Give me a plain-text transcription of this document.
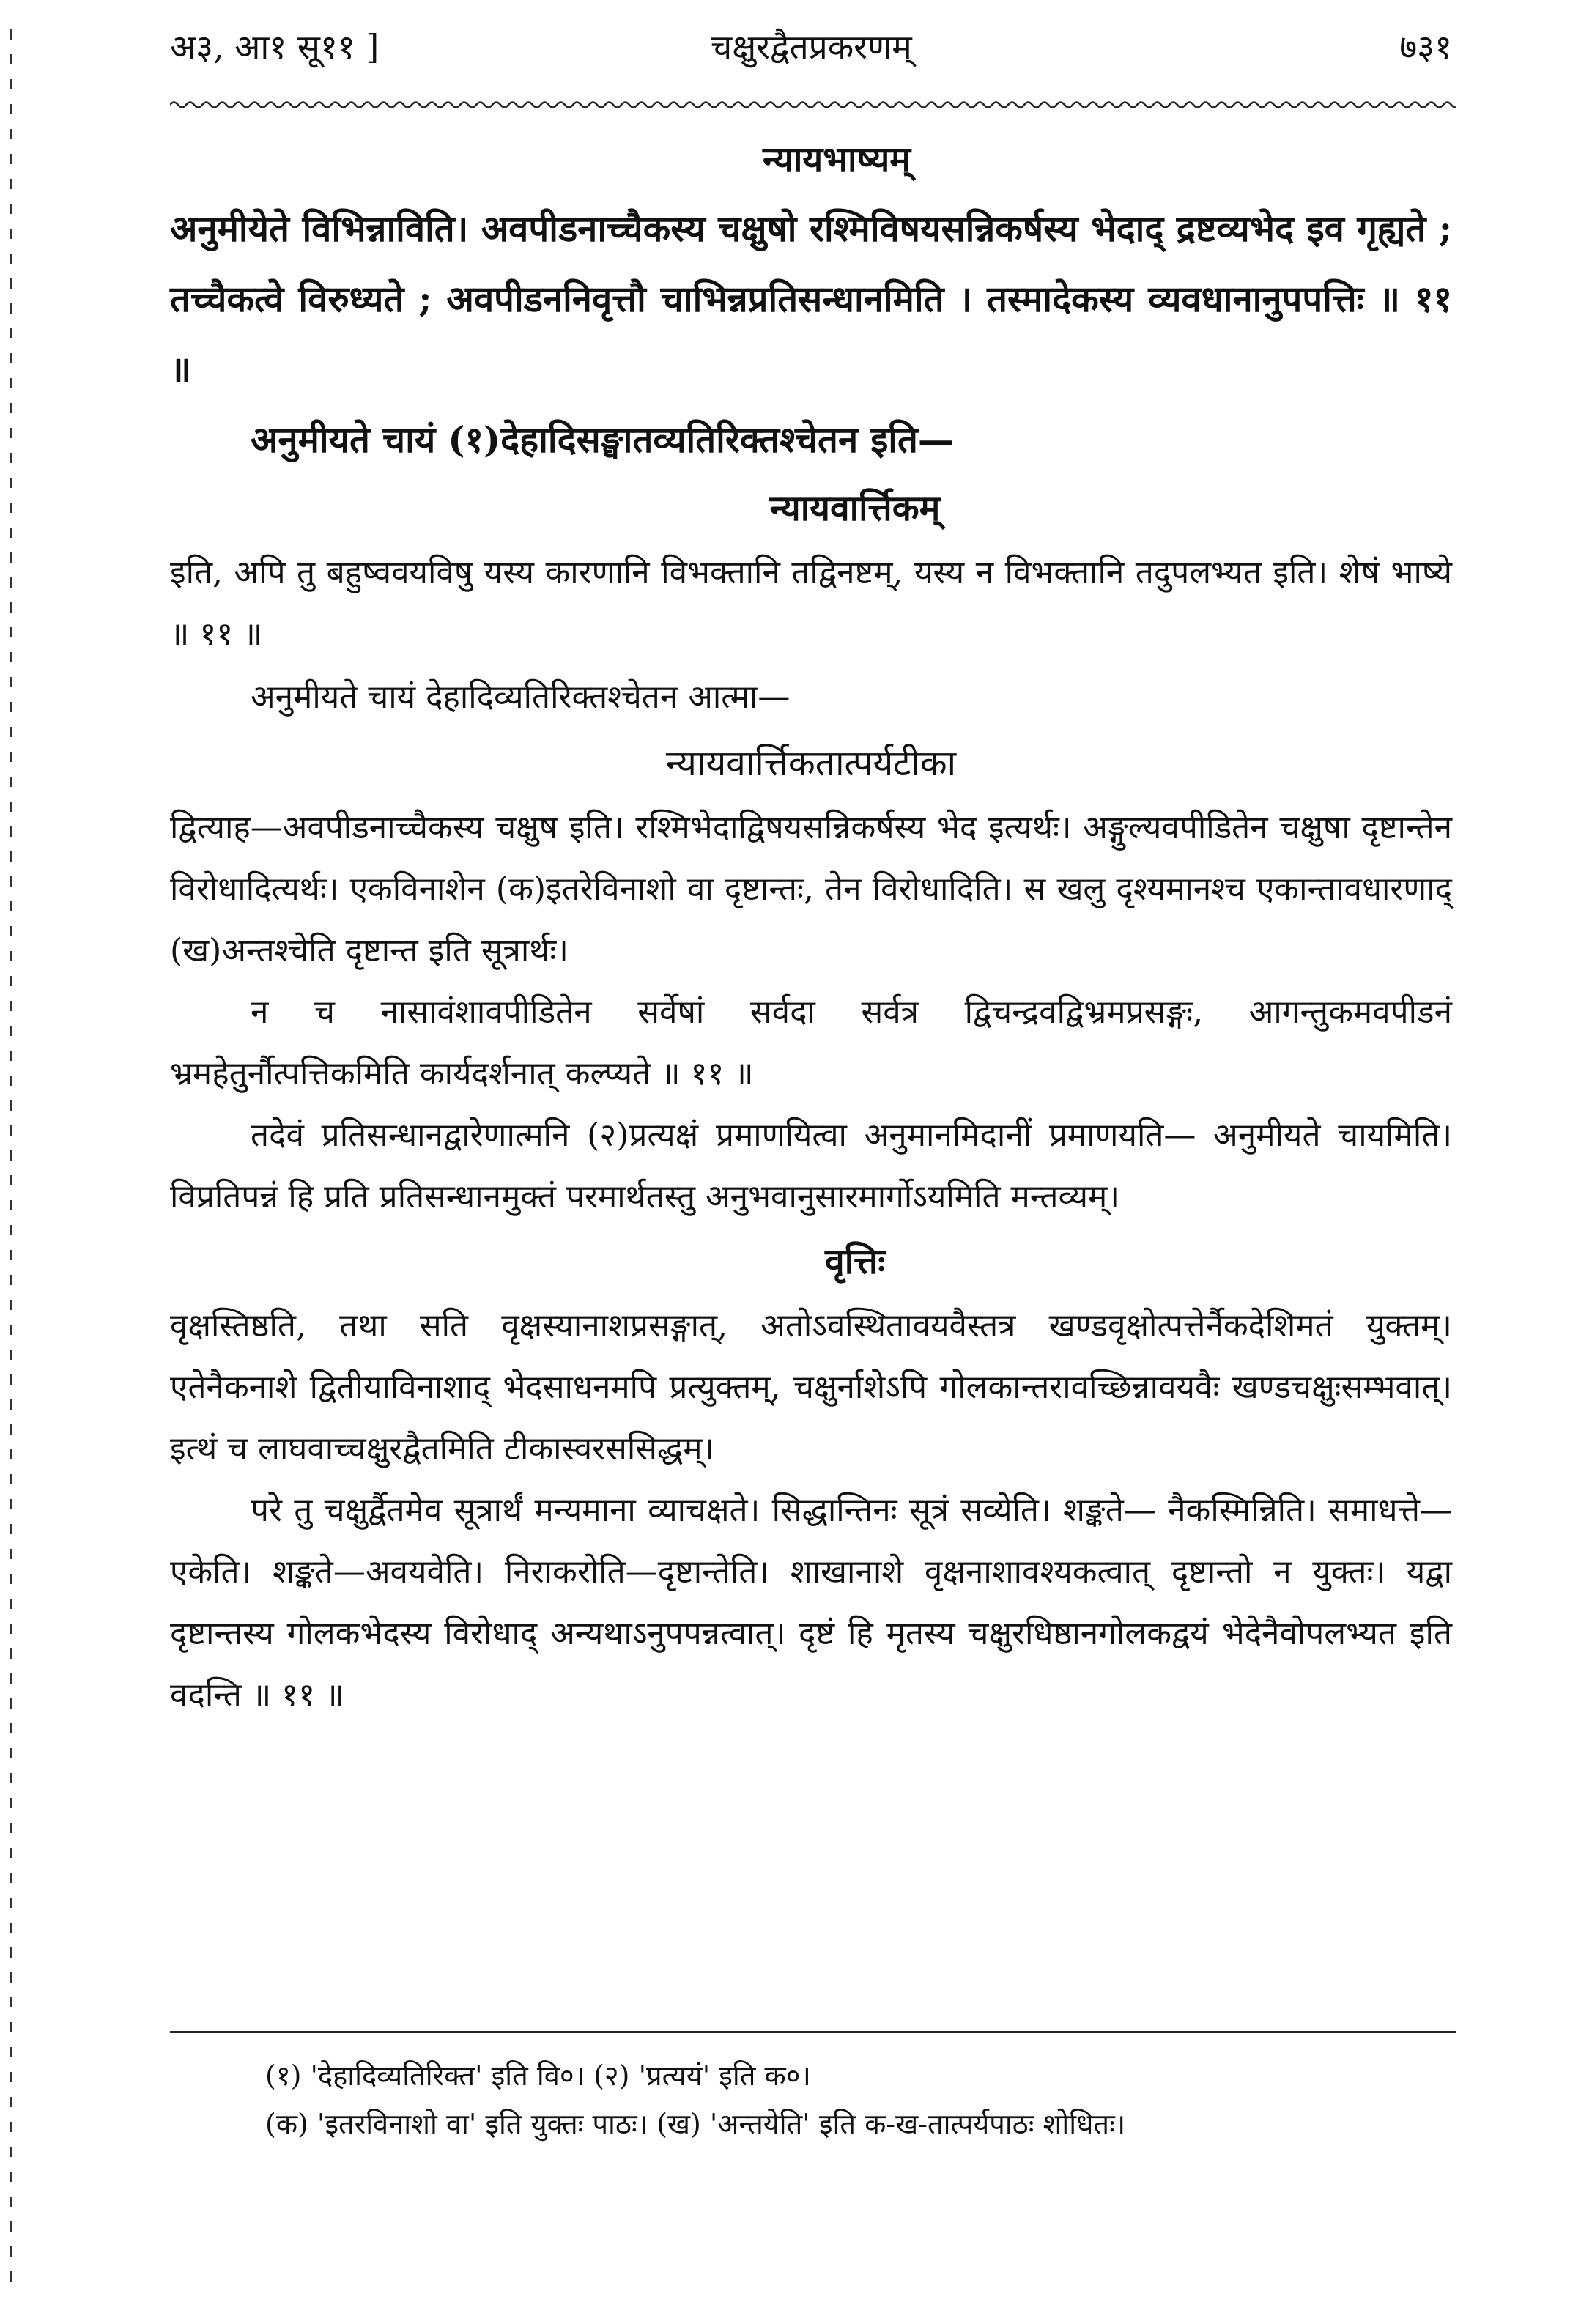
अ३, आ१ सू११ ]	चक्षुरद्वैतप्रकरणम्	७३१
न्यायभाष्यम्

अनुमीयेते विभिन्नाविति। अवपीडनाच्चैकस्य चक्षुषो रश्मिविषयसन्निकर्षस्य भेदाद् द्रष्टव्यभेद इव गृह्यते ; तच्चैकत्वे विरुध्यते ; अवपीडननिवृत्तौ चाभिन्नप्रतिसन्धानमिति । तस्मादेकस्य व्यवधानानुपपत्तिः ॥ ११ ॥

अनुमीयते चायं (१)देहादिसङ्घातव्यतिरिक्तश्चेतन इति—

न्यायवार्त्तिकम्

इति, अपि तु बहुष्ववयविषु यस्य कारणानि विभक्तानि तद्विनष्टम्, यस्य न विभक्तानि तदुपलभ्यत इति। शेषं भाष्ये ॥ ११ ॥

अनुमीयते चायं देहादिव्यतिरिक्तश्चेतन आत्मा—

न्यायवार्त्तिकतात्पर्यटीका

द्वित्याह—अवपीडनाच्चैकस्य चक्षुष इति। रश्मिभेदाद्विषयसन्निकर्षस्य भेद इत्यर्थः। अङ्गुल्यवपीडितेन चक्षुषा दृष्टान्तेन विरोधादित्यर्थः। एकविनाशेन (क)इतरेविनाशो वा दृष्टान्तः, तेन विरोधादिति। स खलु दृश्यमानश्च एकान्तावधारणाद् (ख)अन्तश्चेति दृष्टान्त इति सूत्रार्थः।

न च नासावंशावपीडितेन सर्वेषां सर्वदा सर्वत्र द्विचन्द्रवद्विभ्रमप्रसङ्गः, आगन्तुकमवपीडनं भ्रमहेतुर्नौत्पत्तिकमिति कार्यदर्शनात् कल्प्यते ॥ ११ ॥

तदेवं प्रतिसन्धानद्वारेणात्मनि (२)प्रत्यक्षं प्रमाणयित्वा अनुमानमिदानीं प्रमाणयति— अनुमीयते चायमिति। विप्रतिपन्नं हि प्रति प्रतिसन्धानमुक्तं परमार्थतस्तु अनुभवानुसारमार्गोऽयमिति मन्तव्यम्।

वृत्तिः

वृक्षस्तिष्ठति, तथा सति वृक्षस्यानाशप्रसङ्गात्, अतोऽवस्थितावयवैस्तत्र खण्डवृक्षोत्पत्तेर्नैकदेशिमतं युक्तम्। एतेनैकनाशे द्वितीयाविनाशाद् भेदसाधनमपि प्रत्युक्तम्, चक्षुर्नाशेऽपि गोलकान्तरावच्छिन्नावयवैः खण्डचक्षुःसम्भवात्। इत्थं च लाघवाच्चक्षुरद्वैतमिति टीकास्वरससिद्धम्।

परे तु चक्षुर्द्वैतमेव सूत्रार्थं मन्यमाना व्याचक्षते। सिद्धान्तिनः सूत्रं सव्येति। शङ्कते— नैकस्मिन्निति। समाधत्ते—एकेति। शङ्कते—अवयवेति। निराकरोति—दृष्टान्तेति। शाखानाशे वृक्षनाशावश्यकत्वात् दृष्टान्तो न युक्तः। यद्वा दृष्टान्तस्य गोलकभेदस्य विरोधाद् अन्यथाऽनुपपन्नत्वात्। दृष्टं हि मृतस्य चक्षुरधिष्ठानगोलकद्वयं भेदेनैवोपलभ्यत इति वदन्ति ॥ ११ ॥

(१) 'देहादिव्यतिरिक्त' इति वि०। (२) 'प्रत्ययं' इति क०।

(क) 'इतरविनाशो वा' इति युक्तः पाठः। (ख) 'अन्तयेति' इति क-ख-तात्पर्यपाठः शोधितः।
